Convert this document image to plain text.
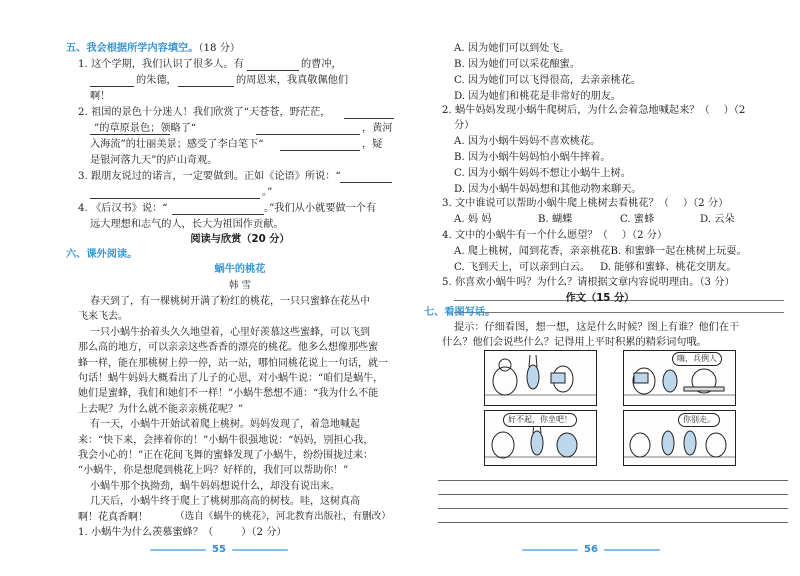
五、我会根据所学内容填空。（18 分）
1. 这个学期，我们认识了很多人。有	的曹冲，
的朱德，	的周恩来，我真敬佩他们
啊！
2. 祖国的景色十分迷人！我们欣赏了“天苍苍，野茫茫，
”的草原景色；领略了“	，黄河
入海流”的壮丽美景；感受了李白笔下“	，疑
是银河落九天”的庐山奇观。
3. 跟朋友说过的诺言，一定要做到。正如《论语》所说：“
。”
4. 《后汉书》说：“	。”我们从小就要做一个有
远大理想和志气的人，长大为祖国作贡献。
阅读与欣赏（20 分）
六、课外阅读。
蜗牛的桃花
韩 雪
春天到了，有一棵桃树开满了粉红的桃花，一只只蜜蜂在花丛中
飞来飞去。
一只小蜗牛抬着头久久地望着，心里好羡慕这些蜜蜂，可以飞到
那么高的地方，可以亲亲这些香香的漂亮的桃花。他多么想像那些蜜
蜂一样，能在那桃树上停一停，站一站，哪怕同桃花说上一句话，就一
句话！蜗牛妈妈大概看出了儿子的心思，对小蜗牛说：“咱们是蜗牛，
她们是蜜蜂，我们和她们不一样！”小蜗牛愁想不通：“我为什么不能
上去呢？为什么就不能亲亲桃花呢？”
有一天，小蜗牛开始试着爬上桃树。妈妈发现了，着急地喊起
来：“快下来，会摔着你的！”小蜗牛很强地说：“妈妈，别担心我，
我会小心的！”正在花间飞舞的蜜蜂发现了小蜗牛，纷纷围拢过来：
“小蜗牛，你是想爬到桃花上吗？好样的，我们可以帮助你！”
小蜗牛那个执拗劲，蜗牛妈妈想说什么，却没有说出来。
几天后，小蜗牛终于爬上了桃树那高高的树枝。哇，这树真高
啊！花真香啊！	（选自《蜗牛的桃花》，河北教育出版社，有删改）
1. 小蜗牛为什么羡慕蜜蜂？（	）（2 分）
55
A. 因为她们可以到处飞。
B. 因为她们可以采花酿蜜。
C. 因为她们可以飞得很高，去亲亲桃花。
D. 因为她们和桃花是非常好的朋友。
2. 蜗牛妈妈发现小蜗牛爬树后，为什么会着急地喊起来？（ ）（2
分）
A. 因为小蜗牛妈妈不喜欢桃花。
B. 因为小蜗牛妈妈怕小蜗牛摔着。
C. 因为小蜗牛妈妈不想让小蜗牛上树。
D. 因为小蜗牛妈妈想和其他动物来聊天。
3. 文中谁说可以帮助小蜗牛爬上桃树去看桃花？（ ）（2 分）
A. 妈 妈	B. 蝴蝶	C. 蜜蜂	D. 云朵
4. 文中的小蜗牛有一个什么愿望？（ ）（2 分）
A. 爬上桃树，闻到花香，亲亲桃花B. 和蜜蜂一起在桃树上玩耍。
C. 飞到天上，可以亲到白云。 D. 能够和蜜蜂、桃花交朋友。
5. 你喜欢小蜗牛吗？为什么？请根据文章内容说明理由。（3 分）
作文（15 分）
七、看图写话。
提示：仔细看图，想一想，这是什么时候？图上有谁？他们在干
什么？他们会说些什么？记得用上平时积累的精彩词句哦。
嗨，兵例人
好不起，你坐吧！	你别走。
56
